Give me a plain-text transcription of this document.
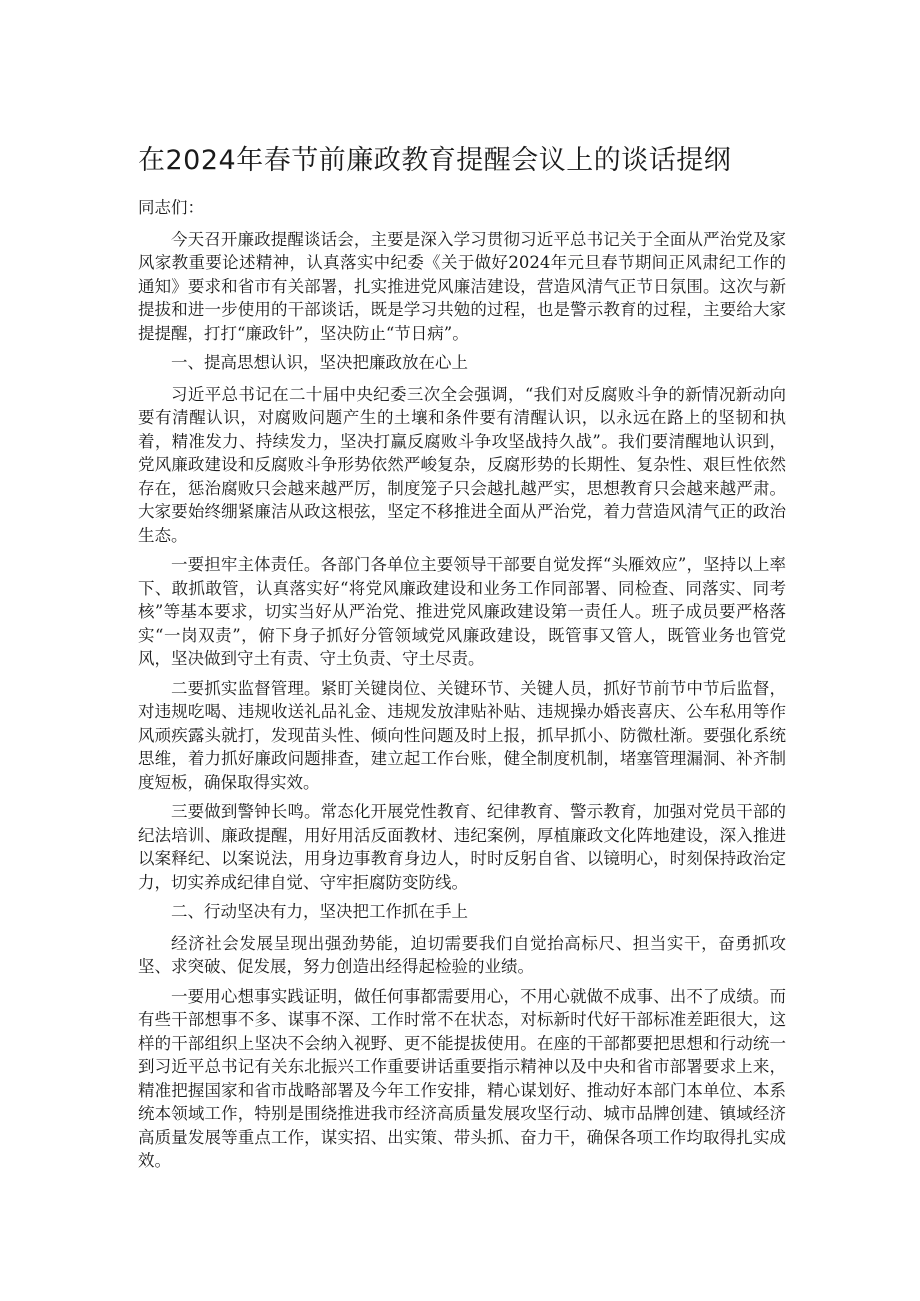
在2024年春节前廉政教育提醒会议上的谈话提纲

同志们：

今天召开廉政提醒谈话会，主要是深入学习贯彻习近平总书记关于全面从严治党及家风家教重要论述精神，认真落实中纪委《关于做好2024年元旦春节期间正风肃纪工作的通知》要求和省市有关部署，扎实推进党风廉洁建设，营造风清气正节日氛围。这次与新提拔和进一步使用的干部谈话，既是学习共勉的过程，也是警示教育的过程，主要给大家提提醒，打打“廉政针”，坚决防止“节日病”。

一、提高思想认识，坚决把廉政放在心上

习近平总书记在二十届中央纪委三次全会强调，“我们对反腐败斗争的新情况新动向要有清醒认识，对腐败问题产生的土壤和条件要有清醒认识，以永远在路上的坚韧和执着，精准发力、持续发力，坚决打赢反腐败斗争攻坚战持久战”。我们要清醒地认识到，党风廉政建设和反腐败斗争形势依然严峻复杂，反腐形势的长期性、复杂性、艰巨性依然存在，惩治腐败只会越来越严厉，制度笼子只会越扎越严实，思想教育只会越来越严肃。大家要始终绷紧廉洁从政这根弦，坚定不移推进全面从严治党，着力营造风清气正的政治生态。

一要担牢主体责任。各部门各单位主要领导干部要自觉发挥“头雁效应”，坚持以上率下、敢抓敢管，认真落实好“将党风廉政建设和业务工作同部署、同检查、同落实、同考核”等基本要求，切实当好从严治党、推进党风廉政建设第一责任人。班子成员要严格落实“一岗双责”，俯下身子抓好分管领域党风廉政建设，既管事又管人，既管业务也管党风，坚决做到守土有责、守土负责、守土尽责。

二要抓实监督管理。紧盯关键岗位、关键环节、关键人员，抓好节前节中节后监督，对违规吃喝、违规收送礼品礼金、违规发放津贴补贴、违规操办婚丧喜庆、公车私用等作风顽疾露头就打，发现苗头性、倾向性问题及时上报，抓早抓小、防微杜渐。要强化系统思维，着力抓好廉政问题排查，建立起工作台账，健全制度机制，堵塞管理漏洞、补齐制度短板，确保取得实效。

三要做到警钟长鸣。常态化开展党性教育、纪律教育、警示教育，加强对党员干部的纪法培训、廉政提醒，用好用活反面教材、违纪案例，厚植廉政文化阵地建设，深入推进以案释纪、以案说法，用身边事教育身边人，时时反躬自省、以镜明心，时刻保持政治定力，切实养成纪律自觉、守牢拒腐防变防线。

二、行动坚决有力，坚决把工作抓在手上

经济社会发展呈现出强劲势能，迫切需要我们自觉抬高标尺、担当实干，奋勇抓攻坚、求突破、促发展，努力创造出经得起检验的业绩。

一要用心想事实践证明，做任何事都需要用心，不用心就做不成事、出不了成绩。而有些干部想事不多、谋事不深、工作时常不在状态，对标新时代好干部标准差距很大，这样的干部组织上坚决不会纳入视野、更不能提拔使用。在座的干部都要把思想和行动统一到习近平总书记有关东北振兴工作重要讲话重要指示精神以及中央和省市部署要求上来，精准把握国家和省市战略部署及今年工作安排，精心谋划好、推动好本部门本单位、本系统本领域工作，特别是围绕推进我市经济高质量发展攻坚行动、城市品牌创建、镇域经济高质量发展等重点工作，谋实招、出实策、带头抓、奋力干，确保各项工作均取得扎实成效。
